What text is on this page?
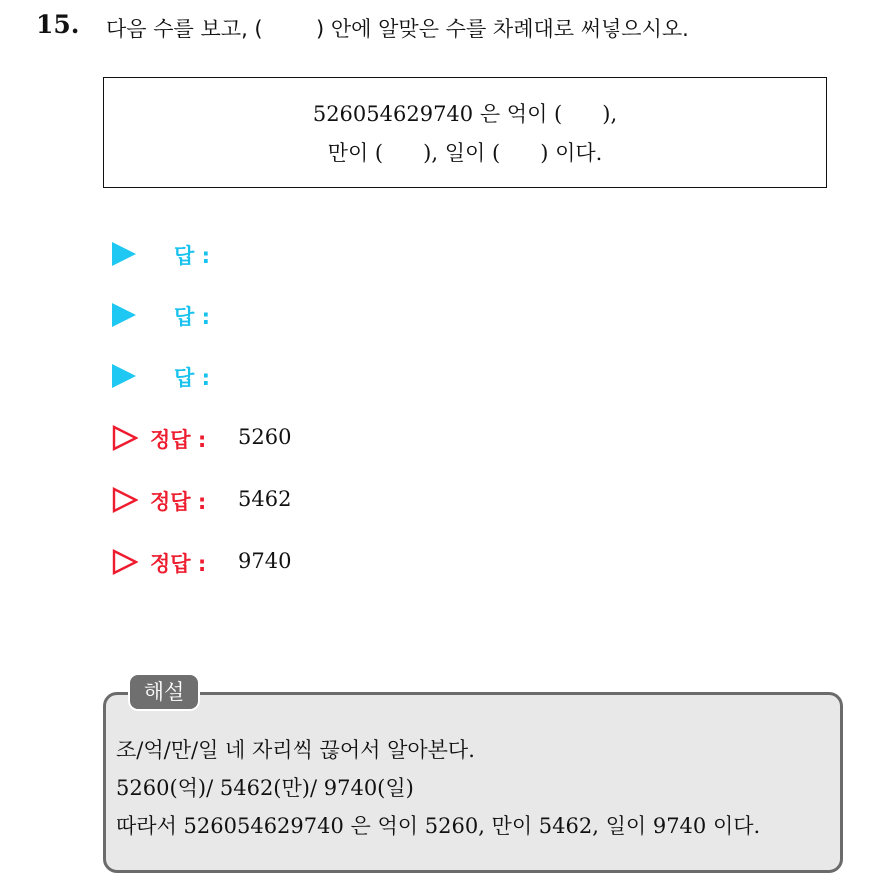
15. 다음 수를 보고, (        ) 안에 알맞은 수를 차례대로 써넣으시오.

526054629740 은 억이 (      ),

만이 (      ), 일이 (      ) 이다.

답 :
답 :
답 :
정답 : 5260
정답 : 5462
정답 : 9740
해설
조/억/만/일 네 자리씩 끊어서 알아본다.
5260(억)/ 5462(만)/ 9740(일)
따라서 526054629740 은 억이 5260, 만이 5462, 일이 9740 이다.
